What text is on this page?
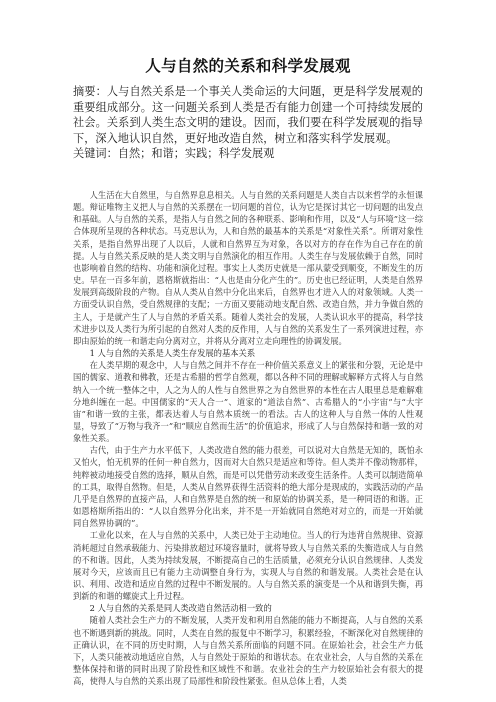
人与自然的关系和科学发展观

摘要：人与自然关系是一个事关人类命运的大问题，更是科学发展观的重要组成部分。这一问题关系到人类是否有能力创建一个可持续发展的社会。关系到人类生态文明的建设。因而，我们要在科学发展观的指导下，深入地认识自然，更好地改造自然，树立和落实科学发展观。

关键词：自然；和谐；实践；科学发展观

人生活在大自然里，与自然界息息相关。人与自然的关系问题是人类自古以来哲学的永恒课题。辩证唯物主义把人与自然的关系摆在一切问题的首位，认为它是探讨其它一切问题的出发点和基础。人与自然的关系，是指人与自然之间的各种联系、影响和作用，以及“人与环境”这一综合体现所呈现的各种状态。马克思认为，人和自然的最基本的关系是“对象性关系”。所谓对象性关系，是指自然界出现了人以后，人就和自然界互为对象，各以对方的存在作为自己存在的前提。人与自然关系反映的是人类文明与自然演化的相互作用。人类生存与发展依赖于自然，同时也影响着自然的结构、功能和演化过程。事实上人类历史就是一部从蒙受到顺变，不断发生的历史。早在一百多年前，恩格斯就指出：“人也是由分化产生的”。历史也已经证明，人类是自然界发展到高级阶段的产物。自从人类从自然中分化出来后，自然界也才进入人的对象领域。人类一方面受认识自然，受自然规律的支配；一方面又要能动地支配自然、改造自然，并力争做自然的主人，于是就产生了人与自然的矛盾关系。随着人类社会的发展，人类认识水平的提高，科学技术进步以及人类行为所引起的自然对人类的反作用，人与自然的关系发生了一系列演进过程，亦即由原始的统一和谐走向分离对立，并将从分离对立走向理性的协调发展。

1 人与自然的关系是人类生存发展的基本关系

在人类早期的观念中，人与自然之间并不存在一种价值关系意义上的紧张和分裂，无论是中国的儒家、道教和佛教，还是古希腊的哲学自然观，都以各种不同的理解或解释方式将人与自然纳入一个统一整体之中，人之为人的人性与自然世界之为自然世界的本性在古人眼里总是难解难分地纠缠在一起。中国儒家的“天人合一”、道家的“道法自然”、古希腊人的“小宇宙”与“大宇宙”和谐一致的主张，都表达着人与自然本质统一的看法。古人的这种人与自然一体的人性观显，导致了“万物与我齐一”和“顺应自然而生活”的价值追求，形成了人与自然保持和谐一致的对象性关系。

古代，由于生产力水平低下，人类改造自然的能力很差，可以说对大自然是无知的，既怕永又怕火，怕无机界的任何一种自然力，因而对大自然只是适应和等待。但人类并不像动物那样，纯粹被动地接受自然的选择，顺从自然，而是可以凭借劳动来改变生活条件。人类可以制造简单的工具，取得自然物。但是，人类从自然界获得生活资料的绝大部分是现成的，实践活动的产品几乎是自然界的直接产品，人和自然界是自然的统一和原始的协调关系，是一种同语的和谐。正如恩格斯所指出的：“人以自然界分化出来，并不是一开始就同自然绝对对立的，而是一开始就同自然界协调的”。

工业化以来，在人与自然的关系中，人类已处于主动地位。当人的行为违背自然规律、资源消耗超过自然承载能力、污染排放超过环境容量时，就将导致人与自然关系的失衡造成人与自然的不和谐。因此，人类为持续发展，不断提高自己的生活质量，必须充分认识自然规律、人类发展对今天，应该而且已有能力主动调整自身行为，实现人与自然的和谐发展。人类社会是在认识、利用、改造和适应自然的过程中不断发展的。人与自然关系的演变是一个从和谐到失衡，再到新的和谐的螺旋式上升过程。

2 人与自然的关系是同人类改造自然活动相一致的

随着人类社会生产力的不断发展，人类开发和利用自然能的能力不断提高，人与自然的关系也不断遇到新的挑战。同时，人类在自然的报复中不断学习，积累经验，不断深化对自然规律的正确认识，在不同的历史时期，人与自然关系所面临的问题不同。在原始社会，社会生产力低下，人类只能被动地适应自然，人与自然处于原始的和谐状态。在农业社会，人与自然的关系在整体保持和谐的同时出现了阶段性和区域性不和谐。农业社会的生产力较原始社会有很大的提高，使得人与自然的关系出现了局部性和阶段性紧张。但从总体上看，人类
